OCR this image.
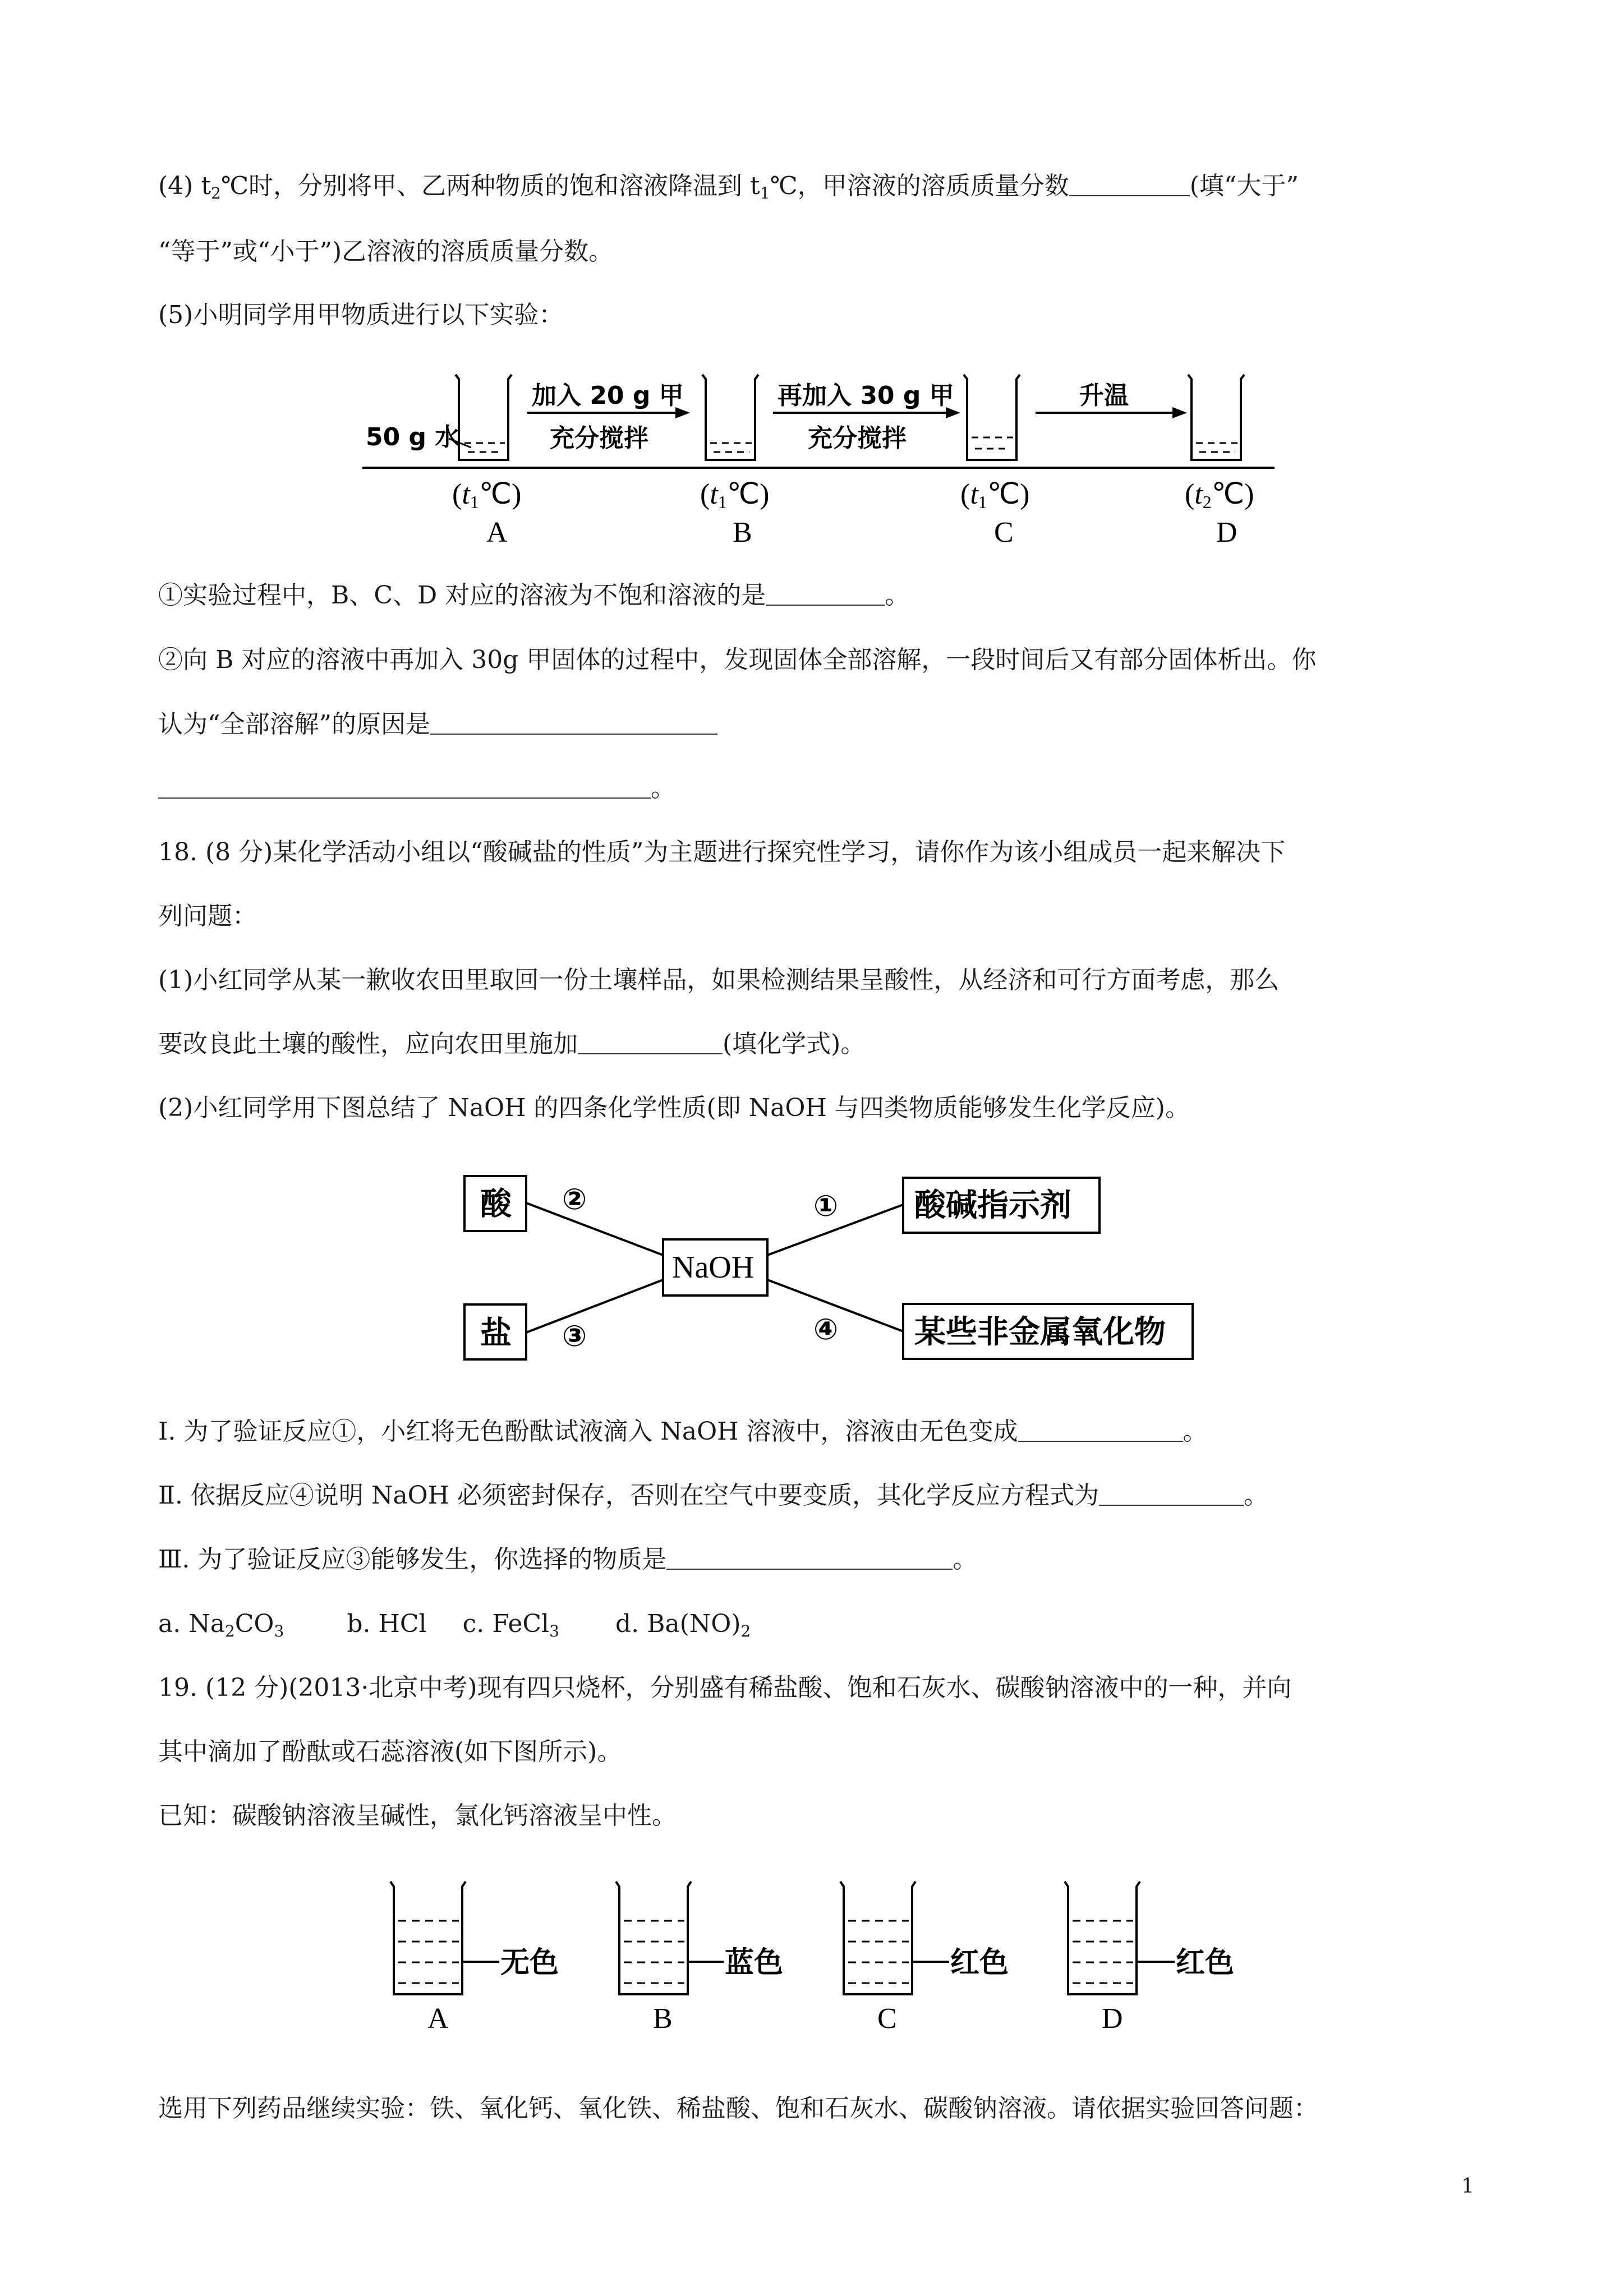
(4) $t_2℃$时，分别将甲、乙两种物质的饱和溶液降温到 $t_1℃$，甲溶液的溶质质量分数	(填“大于”
“等于”或“小于”)乙溶液的溶质质量分数。
(5)小明同学用甲物质进行以下实验：
50 g 水
加入 20 g 甲
充分搅拌
再加入 30 g 甲
充分搅拌
升温
(t1℃)	(t1℃)	(t1℃)	(t2℃)
A	B	C	D
①实验过程中，B、C、D 对应的溶液为不饱和溶液的是	。
②向 B 对应的溶液中再加入 30g 甲固体的过程中，发现固体全部溶解，一段时间后又有部分固体析出。你
认为“全部溶解”的原因是
。
18. (8 分)某化学活动小组以“酸碱盐的性质”为主题进行探究性学习，请你作为该小组成员一起来解决下
列问题：
(1)小红同学从某一歉收农田里取回一份土壤样品，如果检测结果呈酸性，从经济和可行方面考虑，那么
要改良此土壤的酸性，应向农田里施加	(填化学式)。
(2)小红同学用下图总结了 NaOH 的四条化学性质(即 NaOH 与四类物质能够发生化学反应)。
酸
盐
NaOH
酸碱指示剂
某些非金属氧化物
②
③
①
④
Ⅰ. 为了验证反应①，小红将无色酚酞试液滴入 NaOH 溶液中，溶液由无色变成	。
Ⅱ. 依据反应④说明 NaOH 必须密封保存，否则在空气中要变质，其化学反应方程式为	。
Ⅲ. 为了验证反应③能够发生，你选择的物质是	。
a. $Na_2CO_3$	b. HCl c. FeCl$_3$ d. $Ba(NO)_2$
19. (12 分)(2013·北京中考)现有四只烧杯，分别盛有稀盐酸、饱和石灰水、碳酸钠溶液中的一种，并向
其中滴加了酚酞或石蕊溶液(如下图所示)。
已知：碳酸钠溶液呈碱性，氯化钙溶液呈中性。
无色	蓝色	红色	红色
A	B	C	D
选用下列药品继续实验：铁、氧化钙、氧化铁、稀盐酸、饱和石灰水、碳酸钠溶液。请依据实验回答问题：
1
